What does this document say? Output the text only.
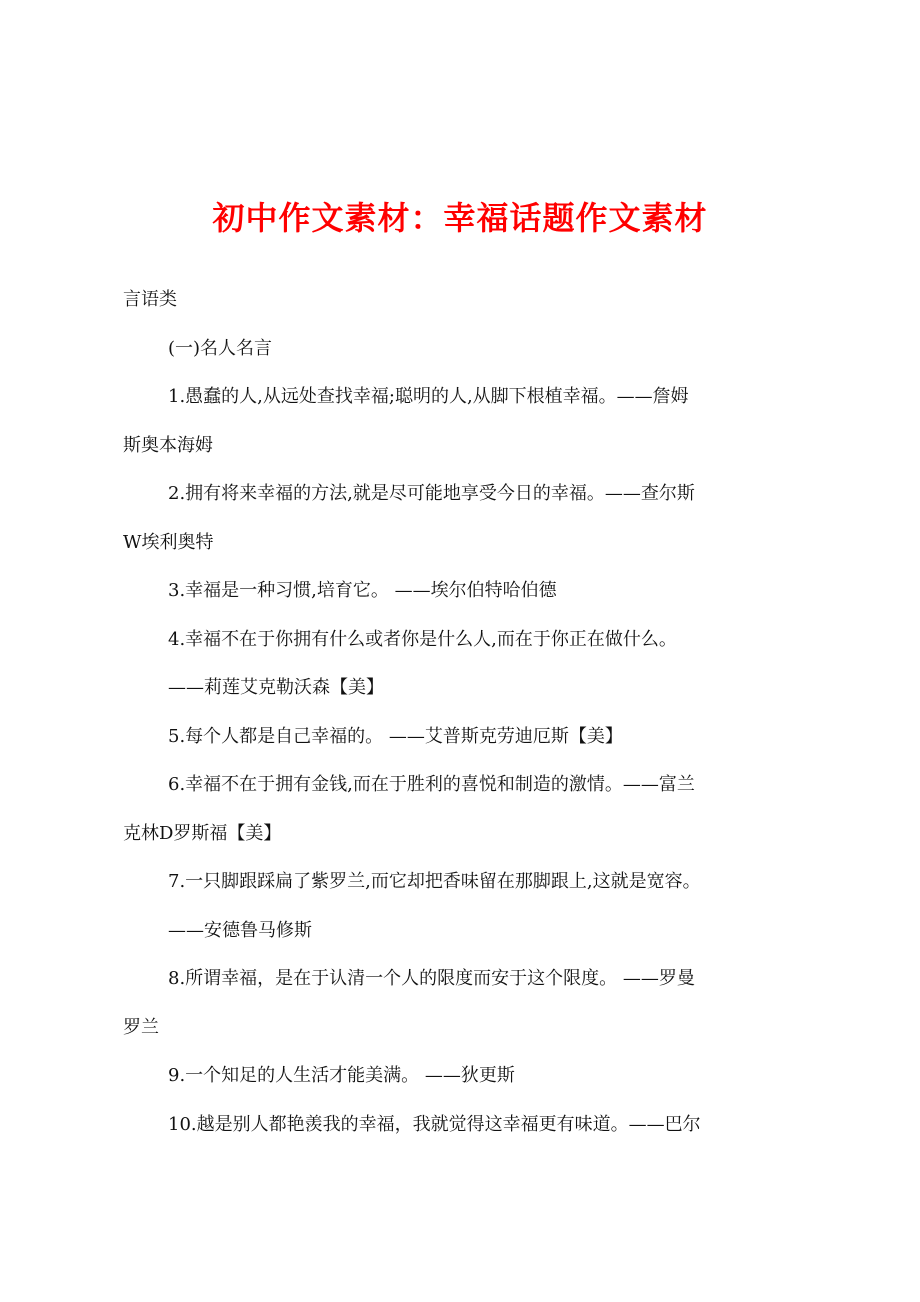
初中作文素材：幸福话题作文素材
言语类
(一)名人名言
1.愚蠢的人,从远处查找幸福;聪明的人,从脚下根植幸福。——詹姆
斯奥本海姆
2.拥有将来幸福的方法,就是尽可能地享受今日的幸福。——查尔斯
W埃利奥特
3.幸福是一种习惯,培育它。 ——埃尔伯特哈伯德
4.幸福不在于你拥有什么或者你是什么人,而在于你正在做什么。
——莉莲艾克勒沃森【美】
5.每个人都是自己幸福的。 ——艾普斯克劳迪厄斯【美】
6.幸福不在于拥有金钱,而在于胜利的喜悦和制造的激情。——富兰
克林D罗斯福【美】
7.一只脚跟踩扁了紫罗兰,而它却把香味留在那脚跟上,这就是宽容。
——安德鲁马修斯
8.所谓幸福，是在于认清一个人的限度而安于这个限度。 ——罗曼
罗兰
9.一个知足的人生活才能美满。 ——狄更斯
10.越是别人都艳羡我的幸福，我就觉得这幸福更有味道。——巴尔
